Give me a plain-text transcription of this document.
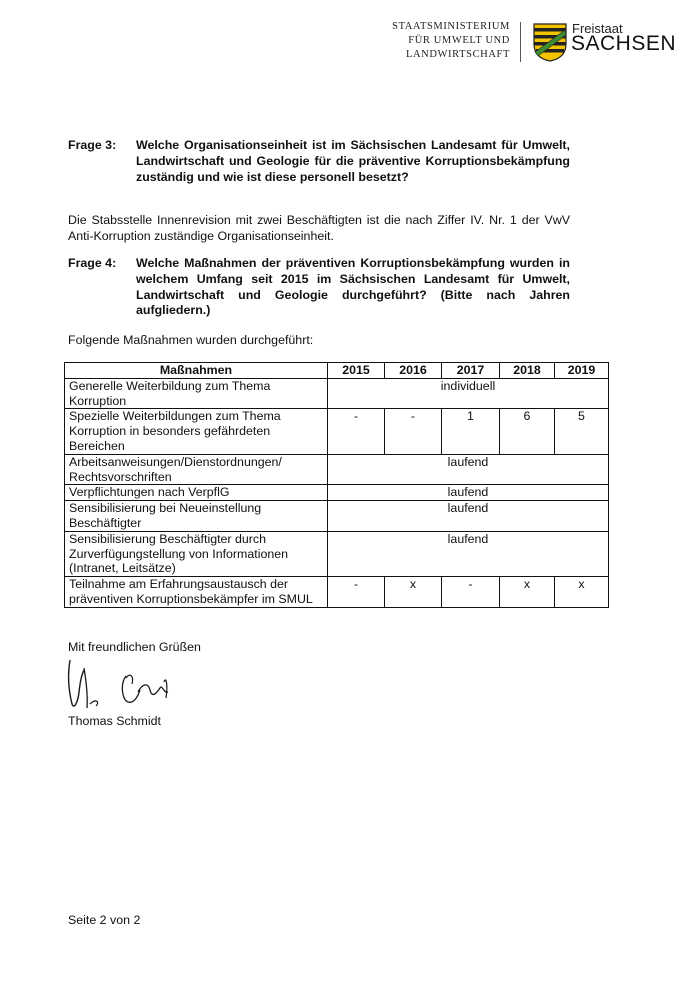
STAATSMINISTERIUM
FÜR UMWELT UND
LANDWIRTSCHAFT
Freistaat
SACHSEN
Frage 3: Welche Organisationseinheit ist im Sächsischen Landesamt für Umwelt, Landwirtschaft und Geologie für die präventive Korruptionsbekämpfung zuständig und wie ist diese personell besetzt?
Die Stabsstelle Innenrevision mit zwei Beschäftigten ist die nach Ziffer IV. Nr. 1 der VwV Anti-Korruption zuständige Organisationseinheit.
Frage 4: Welche Maßnahmen der präventiven Korruptionsbekämpfung wurden in welchem Umfang seit 2015 im Sächsischen Landesamt für Umwelt, Landwirtschaft und Geologie durchgeführt? (Bitte nach Jahren aufgliedern.)
Folgende Maßnahmen wurden durchgeführt:
Maßnahmen	2015	2016	2017	2018	2019
Generelle Weiterbildung zum Thema Korruption	individuell				
Spezielle Weiterbildungen zum Thema Korruption in besonders gefährdeten Bereichen	-	-	1	6	5
Arbeitsanweisungen/Dienstordnungen/ Rechtsvorschriften	laufend				
Verpflichtungen nach VerpflG	laufend				
Sensibilisierung bei Neueinstellung Beschäftigter	laufend				
Sensibilisierung Beschäftigter durch Zurverfügungstellung von Informationen (Intranet, Leitsätze)	laufend				
Teilnahme am Erfahrungsaustausch der präventiven Korruptionsbekämpfer im SMUL	-	x	-	x	x
Mit freundlichen Grüßen
Thomas Schmidt
Seite 2 von 2
